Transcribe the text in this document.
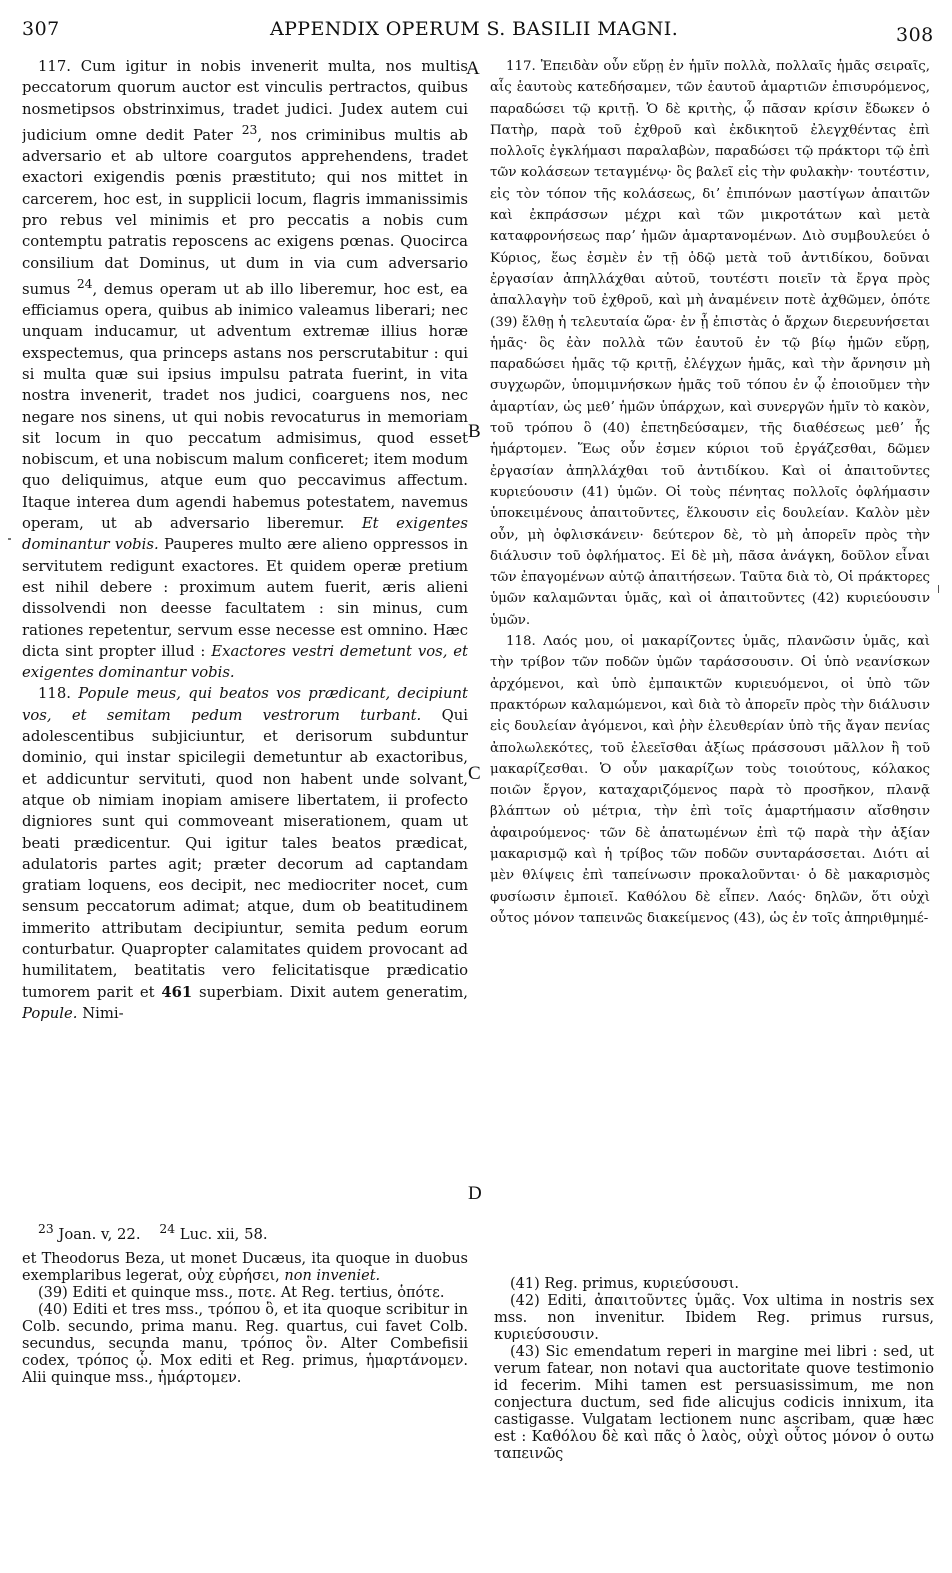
307	APPENDIX OPERUM S. BASILII MAGNI.	308

117. Cum igitur in nobis invenerit multa, nos multis peccatorum quorum auctor est vinculis pertractos, quibus nosmetipsos obstrinximus, tradet judici. Judex autem cui judicium omne dedit Pater $^{23}$, nos criminibus multis ab adversario et ab ultore coargutos apprehendens, tradet exactori exigendis pœnis præstituto; qui nos mittet in carcerem, hoc est, in supplicii locum, flagris immanissimis pro rebus vel minimis et pro peccatis a nobis cum contemptu patratis reposcens ac exigens pœnas. Quocirca consilium dat Dominus, ut dum in via cum adversario sumus $^{24}$, demus operam ut ab illo liberemur, hoc est, ea efficiamus opera, quibus ab inimico valeamus liberari; nec unquam inducamur, ut adventum extremæ illius horæ exspectemus, qua princeps astans nos perscrutabitur : qui si multa quæ sui ipsius impulsu patrata fuerint, in vita nostra invenerit, tradet nos judici, coarguens nos, nec negare nos sinens, ut qui nobis revocaturus in memoriam sit locum in quo peccatum admisimus, quod esset nobiscum, et una nobiscum malum conficeret; item modum quo deliquimus, atque eum quo peccavimus affectum. Itaque interea dum agendi habemus potestatem, navemus operam, ut ab adversario liberemur. Et exigentes dominantur vobis. Pauperes multo ære alieno oppressos in servitutem redigunt exactores. Et quidem operæ pretium est nihil debere : proximum autem fuerit, æris alieni dissolvendi non deesse facultatem : sin minus, cum rationes repetentur, servum esse necesse est omnino. Hæc dicta sint propter illud : Exactores vestri demetunt vos, et exigentes dominantur vobis.

118. Popule meus, qui beatos vos prædicant, decipiunt vos, et semitam pedum vestrorum turbant. Qui adolescentibus subjiciuntur, et derisorum subduntur dominio, qui instar spicilegii demetuntur ab exactoribus, et addicuntur servituti, quod non habent unde solvant, atque ob nimiam inopiam amisere libertatem, ii profecto digniores sunt qui commoveant miserationem, quam ut beati prædicentur. Qui igitur tales beatos prædicat, adulatoris partes agit; præter decorum ad captandam gratiam loquens, eos decipit, nec mediocriter nocet, cum sensum peccatorum adimat; atque, dum ob beatitudinem immerito attributam decipiuntur, semita pedum eorum conturbatur. Quapropter calamitates quidem provocant ad humilitatem, beatitatis vero felicitatisque prædicatio tumorem parit et 461 superbiam. Dixit autem generatim, Popule. Nimi-

A
B
C
D

117. Ἐπειδὰν οὖν εὕρῃ ἐν ἡμῖν πολλὰ, πολλαῖς ἡμᾶς σειραῖς, αἷς ἑαυτοὺς κατεδήσαμεν, τῶν ἑαυτοῦ ἁμαρτιῶν ἐπισυρόμενος, παραδώσει τῷ κριτῇ. Ὁ δὲ κριτὴς, ᾧ πᾶσαν κρίσιν ἔδωκεν ὁ Πατὴρ, παρὰ τοῦ ἐχθροῦ καὶ ἐκδικητοῦ ἐλεγχθέντας ἐπὶ πολλοῖς ἐγκλήμασι παραλαβὼν, παραδώσει τῷ πράκτορι τῷ ἐπὶ τῶν κολάσεων τεταγμένῳ· ὃς βαλεῖ εἰς τὴν φυλακὴν· τουτέστιν, εἰς τὸν τόπον τῆς κολάσεως, διʼ ἐπιπόνων μαστίγων ἀπαιτῶν καὶ ἐκπράσσων μέχρι καὶ τῶν μικροτάτων καὶ μετὰ καταφρονήσεως παρʼ ἡμῶν ἁμαρτανομένων. Διὸ συμβουλεύει ὁ Κύριος, ἕως ἐσμὲν ἐν τῇ ὁδῷ μετὰ τοῦ ἀντιδίκου, δοῦναι ἐργασίαν ἀπηλλάχθαι αὐτοῦ, τουτέστι ποιεῖν τὰ ἔργα πρὸς ἀπαλλαγὴν τοῦ ἐχθροῦ, καὶ μὴ ἀναμένειν ποτὲ ἀχθῶμεν, ὁπότε (39) ἔλθῃ ἡ τελευταία ὥρα· ἐν ᾗ ἐπιστὰς ὁ ἄρχων διερευνήσεται ἡμᾶς· ὃς ἐὰν πολλὰ τῶν ἑαυτοῦ ἐν τῷ βίῳ ἡμῶν εὕρῃ, παραδώσει ἡμᾶς τῷ κριτῇ, ἐλέγχων ἡμᾶς, καὶ τὴν ἄρνησιν μὴ συγχωρῶν, ὑπομιμνήσκων ἡμᾶς τοῦ τόπου ἐν ᾧ ἐποιοῦμεν τὴν ἁμαρτίαν, ὡς μεθʼ ἡμῶν ὑπάρχων, καὶ συνεργῶν ἡμῖν τὸ κακὸν, τοῦ τρόπου ὃ (40) ἐπετηδεύσαμεν, τῆς διαθέσεως μεθʼ ἧς ἡμάρτομεν. Ἕως οὖν ἐσμεν κύριοι τοῦ ἐργάζεσθαι, δῶμεν ἐργασίαν ἀπηλλάχθαι τοῦ ἀντιδίκου. Καὶ οἱ ἀπαιτοῦντες κυριεύουσιν (41) ὑμῶν. Οἱ τοὺς πένητας πολλοῖς ὀφλήμασιν ὑποκειμένους ἀπαιτοῦντες, ἕλκουσιν εἰς δουλείαν. Καλὸν μὲν οὖν, μὴ ὀφλισκάνειν· δεύτερον δὲ, τὸ μὴ ἀπορεῖν πρὸς τὴν διάλυσιν τοῦ ὀφλήματος. Εἰ δὲ μὴ, πᾶσα ἀνάγκη, δοῦλον εἶναι τῶν ἐπαγομένων αὐτῷ ἀπαιτήσεων. Ταῦτα διὰ τὸ, Οἱ πράκτορες ὑμῶν καλαμῶνται ὑμᾶς, καὶ οἱ ἀπαιτοῦντες (42) κυριεύουσιν ὑμῶν.

118. Λαός μου, οἱ μακαρίζοντες ὑμᾶς, πλανῶσιν ὑμᾶς, καὶ τὴν τρίβον τῶν ποδῶν ὑμῶν ταράσσουσιν. Οἱ ὑπὸ νεανίσκων ἀρχόμενοι, καὶ ὑπὸ ἐμπαικτῶν κυριευόμενοι, οἱ ὑπὸ τῶν πρακτόρων καλαμώμενοι, καὶ διὰ τὸ ἀπορεῖν πρὸς τὴν διάλυσιν εἰς δουλείαν ἀγόμενοι, καὶ ῥὴν ἐλευθερίαν ὑπὸ τῆς ἄγαν πενίας ἀπολωλεκότες, τοῦ ἐλεεῖσθαι ἀξίως πράσσουσι μᾶλλον ἢ τοῦ μακαρίζεσθαι. Ὁ οὖν μακαρίζων τοὺς τοιούτους, κόλακος ποιῶν ἔργον, καταχαριζόμενος παρὰ τὸ προσῆκον, πλανᾷ βλάπτων οὐ μέτρια, τὴν ἐπὶ τοῖς ἁμαρτήμασιν αἴσθησιν ἀφαιρούμενος· τῶν δὲ ἀπατωμένων ἐπὶ τῷ παρὰ τὴν ἀξίαν μακαρισμῷ καὶ ἡ τρίβος τῶν ποδῶν συνταράσσεται. Διότι αἱ μὲν θλίψεις ἐπὶ ταπείνωσιν προκαλοῦνται· ὁ δὲ μακαρισμὸς φυσίωσιν ἐμποιεῖ. Καθόλου δὲ εἶπεν. Λαός· δηλῶν, ὅτι οὐχὶ οὗτος μόνον ταπεινῶς διακείμενος (43), ὡς ἐν τοῖς ἀπηριθμημέ-

$^{23}$ Joan. v, 22. $^{24}$ Luc. xii, 58.

et Theodorus Beza, ut monet Ducæus, ita quoque in duobus exemplaribus legerat, οὐχ εὑρήσει, non inveniet.

(39) Editi et quinque mss., ποτε. At Reg. tertius, ὁπότε.

(40) Editi et tres mss., τρόπου ὃ, et ita quoque scribitur in Colb. secundo, prima manu. Reg. quartus, cui favet Colb. secundus, secunda manu, τρόπος ὃν. Alter Combefisii codex, τρόπος ᾧ. Mox editi et Reg. primus, ἡμαρτάνομεν. Alii quinque mss., ἡμάρτομεν.

(41) Reg. primus, κυριεύσουσι.

(42) Editi, ἀπαιτοῦντες ὑμᾶς. Vox ultima in nostris sex mss. non invenitur. Ibidem Reg. primus rursus, κυριεύσουσιν.

(43) Sic emendatum reperi in margine mei libri : sed, ut verum fatear, non notavi qua auctoritate quove testimonio id fecerim. Mihi tamen est persuasissimum, me non conjectura ductum, sed fide alicujus codicis innixum, ita castigasse. Vulgatam lectionem nunc ascribam, quæ hæc est : Καθόλου δὲ καὶ πᾶς ὁ λαὸς, οὐχὶ οὗτος μόνον ὁ ουτω ταπεινῶς
